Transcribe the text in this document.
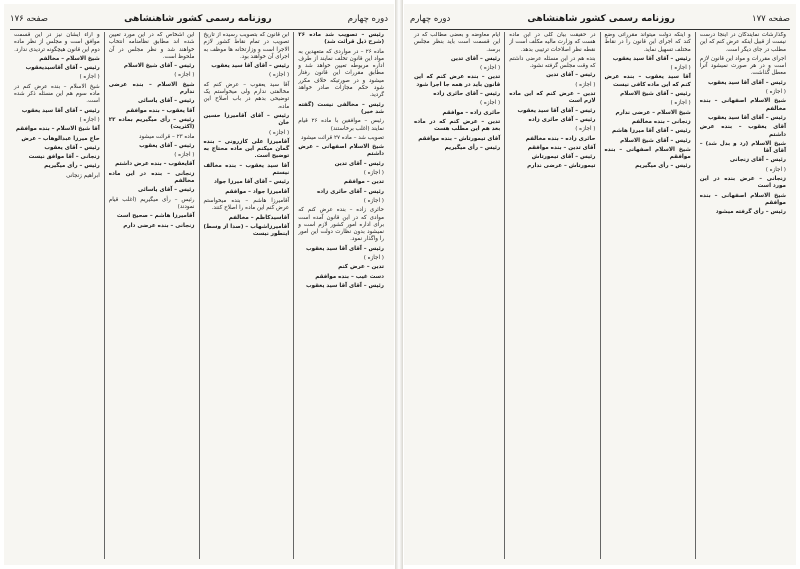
دوره چهارم
روزنامه رسمی کشور شاهنشاهی
صفحه ۱۷۶

رئیس – تصویب شد ماده ۲۶ (شرح ذیل قرائت شد)

ماده ۲۶ – در مواردی که متعهدین به مواد این قانون تخلف نمایند از طرف اداره مربوطه تعیین خواهد شد و مطابق مقررات این قانون رفتار میشود و در صورتیکه خلاف مکرر شود حکم مجازات صادر خواهد گردید.

رئیس – مخالفی نیست (گفته شد خیر)

رئیس – موافقین با ماده ۲۶ قیام نمایند (اغلب برخاستند)

تصویب شد – ماده ۲۷ قرائت میشود

شیخ الاسلام اصفهانی – عرض داشتم

رئیس – آقای تدین

( اجازه )

تدین – موافقم

رئیس – آقای حائری زاده

( اجازه )

حائری زاده – بنده عرض کنم که موادی که در این قانون آمده است برای اداره امور کشور لازم است و نمیشود بدون نظارت دولت این امور را واگذار نمود.

رئیس – آقای آقا سید یعقوب

( اجازه )

تدین – عرض کنم

دست غیب – بنده موافقم

رئیس – آقای آقا سید یعقوب

ابن قانون که بتصویب رسیده از تاریخ تصویب در تمام نقاط کشور لازم الاجرا است و وزارتخانه ها موظف به اجرای آن خواهند بود.

رئیس – آقای آقا سید یعقوب

( اجازه )

آقا سید یعقوب – عرض کنم که مخالفتی ندارم ولی میخواستم یک توضیحی بدهم در باب اصلاح این ماده.

رئیس – آقای آقامیرزا حسین خان

( اجازه )

آقامیرزا علی کازرونی – بنده گمان میکنم این ماده محتاج به توضیح است.

آقا سید یعقوب – بنده مخالف نیستم

رئیس – آقای آقا میرزا جواد

آقامیرزا جواد – موافقم

آقامیرزا هاشم – بنده میخواستم عرض کنم این ماده را اصلاح کنند.

آقاسیدکاظم – مخالفم

آقامیرزاشهاب – (صدا از وسط) اینطور نیست

این اشخاص که در این مورد تعیین شده اند مطابق نظامنامه انتخاب خواهند شد و نظر مجلس در آن ملحوظ است.

رئیس – آقای شیخ الاسلام

( اجازه )

شیخ الاسلام – بنده عرضی ندارم

رئیس – آقای یاسائی

آقا یعقوب – بنده موافقم

رئیس – رأی میگیریم بماده ۲۲ (اکثریت)

ماده ۲۳ – قرائت میشود

رئیس – آقای یعقوب

( اجازه )

آقایعقوب – بنده عرض داشتم

زنجانی – بنده در این ماده مخالفم

رئیس – آقای یاسائی

رئیس – رأی میگیریم (اغلب قیام نمودند)

آقامیرزا هاشم – صحیح است

زنجانی – بنده عرضی دارم

و آراء ایشان نیز در این قسمت موافق است و مجلس از نظر ماده دوم این قانون هیچگونه تردیدی ندارد.

شیخ الاسلام – مخالفم

رئیس – آقای آقاسیدیعقوب

( اجازه )

شیخ الاسلام – بنده عرض کنم در ماده سوم هم این مسئله ذکر شده است.

رئیس – آقای آقا سید یعقوب

( اجازه )

آقا شیخ الاسلام – بنده موافقم

حاج میرزا عبدالوهاب – عرض

رئیس – آقای یعقوب

زنجانی – آقا موافق نیست

رئیس – رأی میگیریم

ابراهیم زنجانی

صفحه ۱۷۷
روزنامه رسمی کشور شاهنشاهی
دوره چهارم

وگذارشات نمایندگان در اینجا درست نیست از قبیل اینکه عرض کنم که این مطلب در جای دیگر است.

اجرای مقررات و مواد این قانون لازم است و در هر صورت نمیشود آنرا معطل گذاشت.

رئیس – آقای آقا سید یعقوب

( اجازه )

شیخ الاسلام اصفهانی – بنده مخالفم

رئیس – آقای آقا سید یعقوب

آقای یعقوب – بنده عرض داشتم

شیخ الاسلام (رد و بدل شد) – آقای آقا

رئیس – آقای زنجانی

( اجازه )

زنجانی – عرض بنده در این مورد است

شیخ الاسلام اصفهانی – بنده موافقم

رئیس – رأی گرفته میشود

و اینکه دولت میتواند مقرراتی وضع کند که اجرای این قانون را در نقاط مختلف تسهیل نماید.

رئیس – آقای آقا سید یعقوب

( اجازه )

آقا سید یعقوب – بنده عرض کنم که این ماده کافی نیست

رئیس – آقای شیخ الاسلام

( اجازه )

شیخ الاسلام – عرضی ندارم

زنجانی – بنده مخالفم

رئیس – آقای آقا میرزا هاشم

رئیس – آقای شیخ الاسلام

شیخ الاسلام اصفهانی – بنده موافقم

رئیس – رأی میگیریم

در حقیقت بیان کلی در این ماده هست که وزارت مالیه مکلف است از نقطه نظر اصلاحات ترتیبی بدهد.

بنده هم در این مسئله عرضی داشتم که وقت مجلس گرفته نشود.

رئیس – آقای تدین

( اجازه )

تدین – عرض کنم که این ماده لازم است

رئیس – آقای آقا سید یعقوب

رئیس – آقای حائری زاده

( اجازه )

حائری زاده – بنده مخالفم

آقای تدین – بنده موافقم

رئیس – آقای تیمورتاش

تیمورتاش – عرضی ندارم

ایام معاوضه و بعضی مطالب که در این قسمت است باید بنظر مجلس برسد.

رئیس – آقای تدین

( اجازه )

تدین – بنده عرض کنم که این قانون باید در همه جا اجرا شود

رئیس – آقای حائری زاده

( اجازه )

حائری زاده – موافقم

تدین – عرض کنم که در ماده بعد هم این مطلب هست

آقای تیمورتاش – بنده موافقم

رئیس – رأی میگیریم
